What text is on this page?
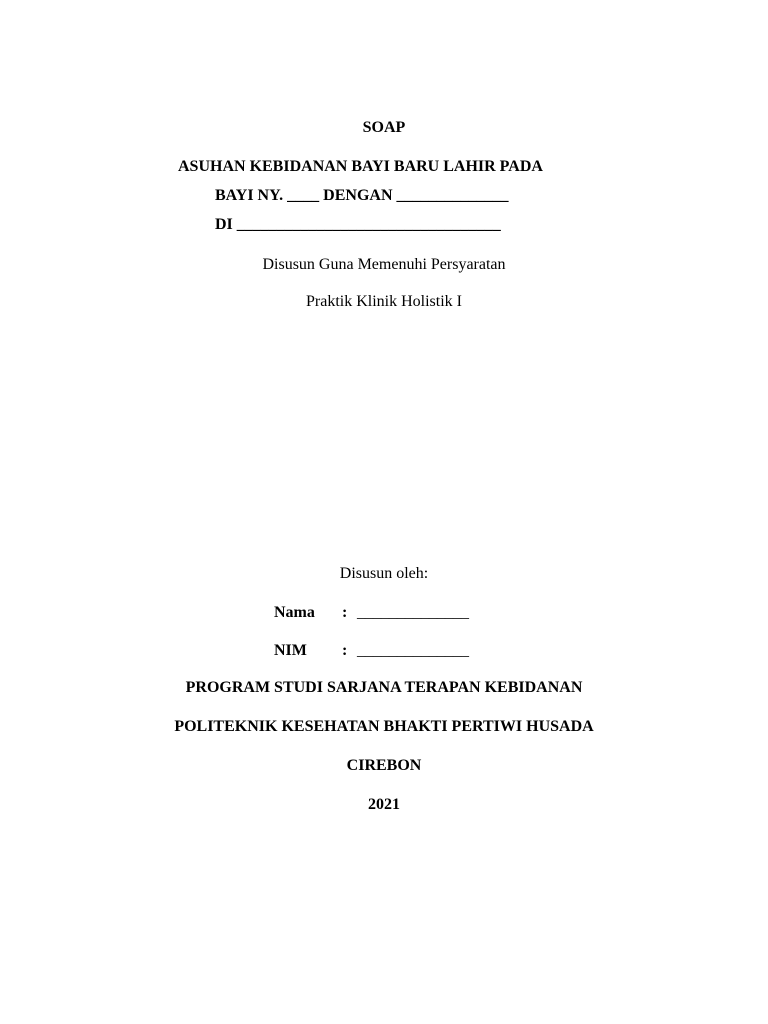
SOAP
ASUHAN KEBIDANAN BAYI BARU LAHIR PADA
BAYI NY. ____ DENGAN ______________
DI _________________________________
Disusun Guna Memenuhi Persyaratan
Praktik Klinik Holistik I
Disusun oleh:

Nama

:

______________

NIM

:

______________

PROGRAM STUDI SARJANA TERAPAN KEBIDANAN
POLITEKNIK KESEHATAN BHAKTI PERTIWI HUSADA
CIREBON
2021
